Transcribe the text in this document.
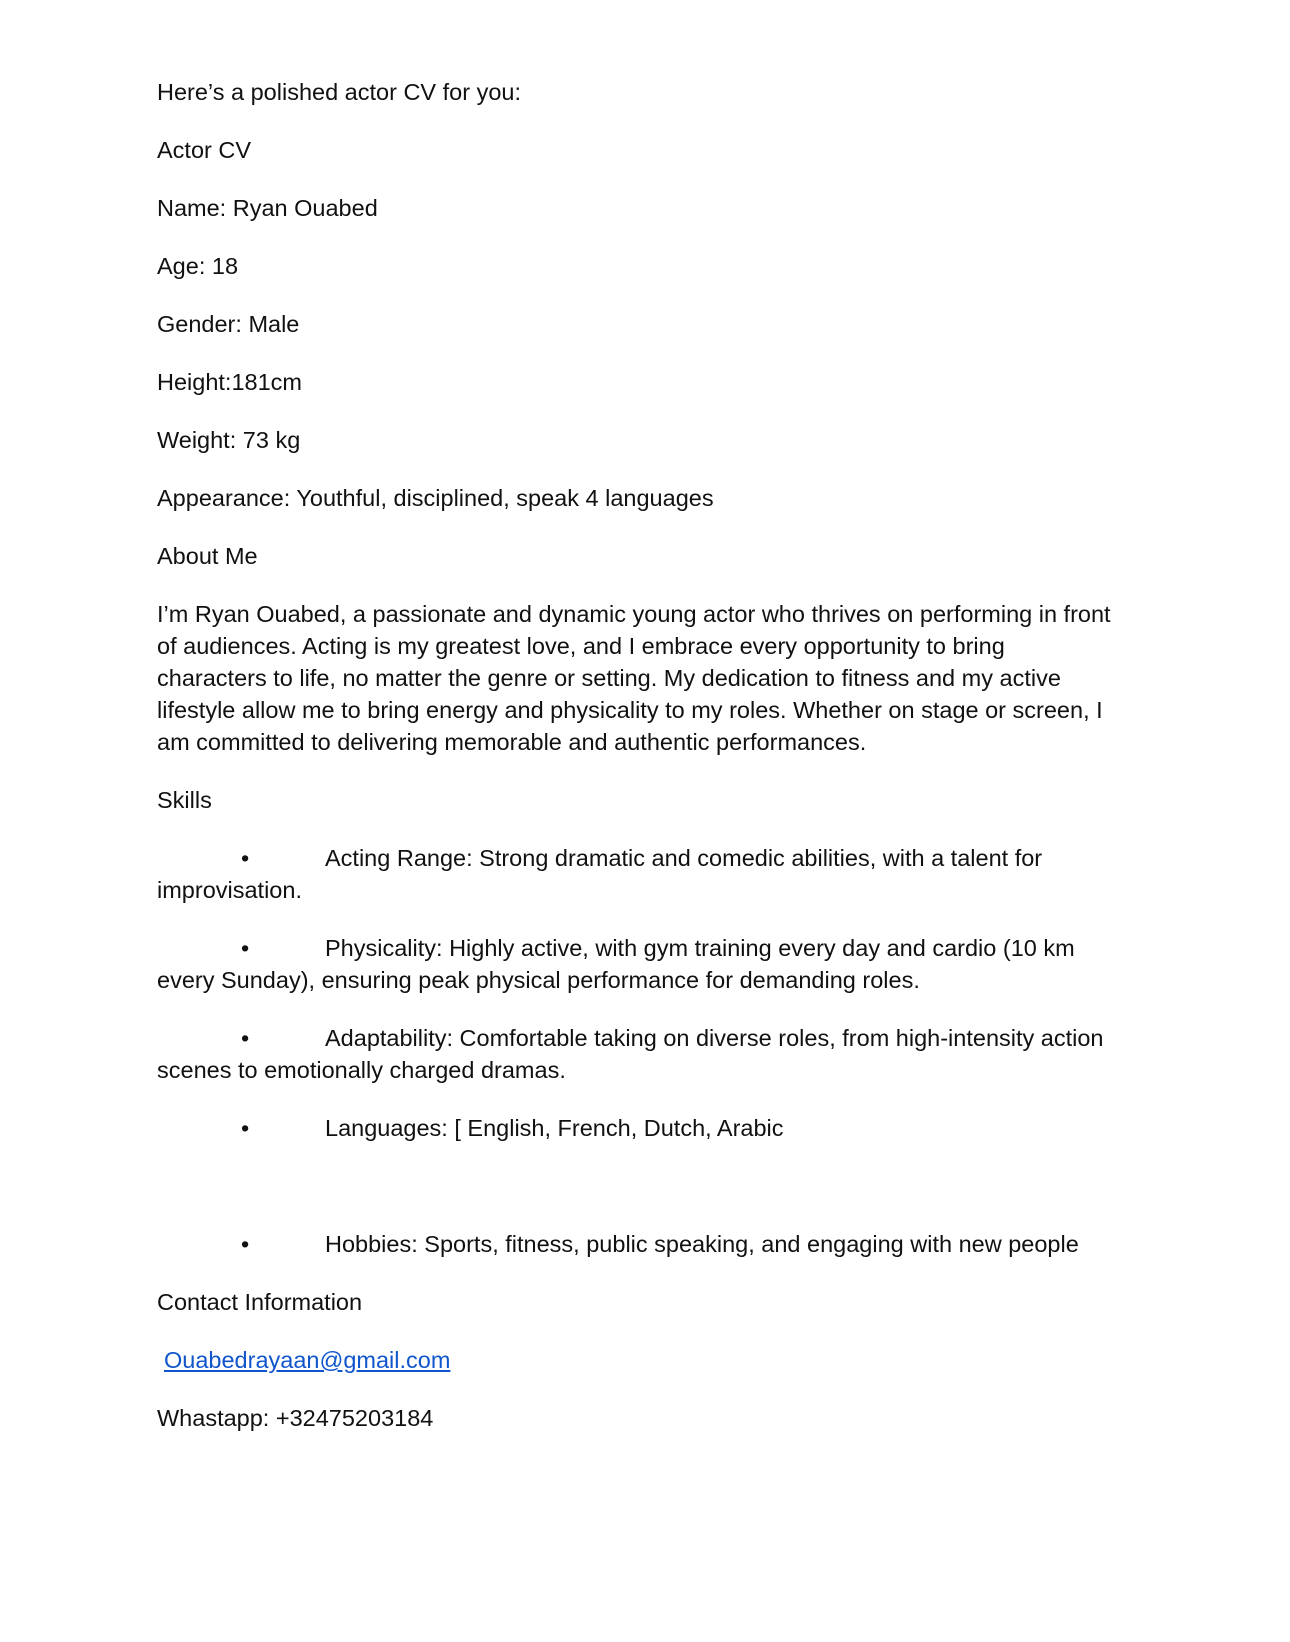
Here’s a polished actor CV for you:

Actor CV

Name: Ryan Ouabed

Age: 18

Gender: Male

Height:181cm

Weight: 73 kg

Appearance: Youthful, disciplined, speak 4 languages

About Me

I’m Ryan Ouabed, a passionate and dynamic young actor who thrives on performing in front
of audiences. Acting is my greatest love, and I embrace every opportunity to bring
characters to life, no matter the genre or setting. My dedication to fitness and my active
lifestyle allow me to bring energy and physicality to my roles. Whether on stage or screen, I
am committed to delivering memorable and authentic performances.

Skills

•	Acting Range: Strong dramatic and comedic abilities, with a talent for
improvisation.

•	Physicality: Highly active, with gym training every day and cardio (10 km
every Sunday), ensuring peak physical performance for demanding roles.

•	Adaptability: Comfortable taking on diverse roles, from high-intensity action
scenes to emotionally charged dramas.

•	Languages: [ English, French, Dutch, Arabic

•	Hobbies: Sports, fitness, public speaking, and engaging with new people

Contact Information

Ouabedrayaan@gmail.com

Whastapp: +32475203184
